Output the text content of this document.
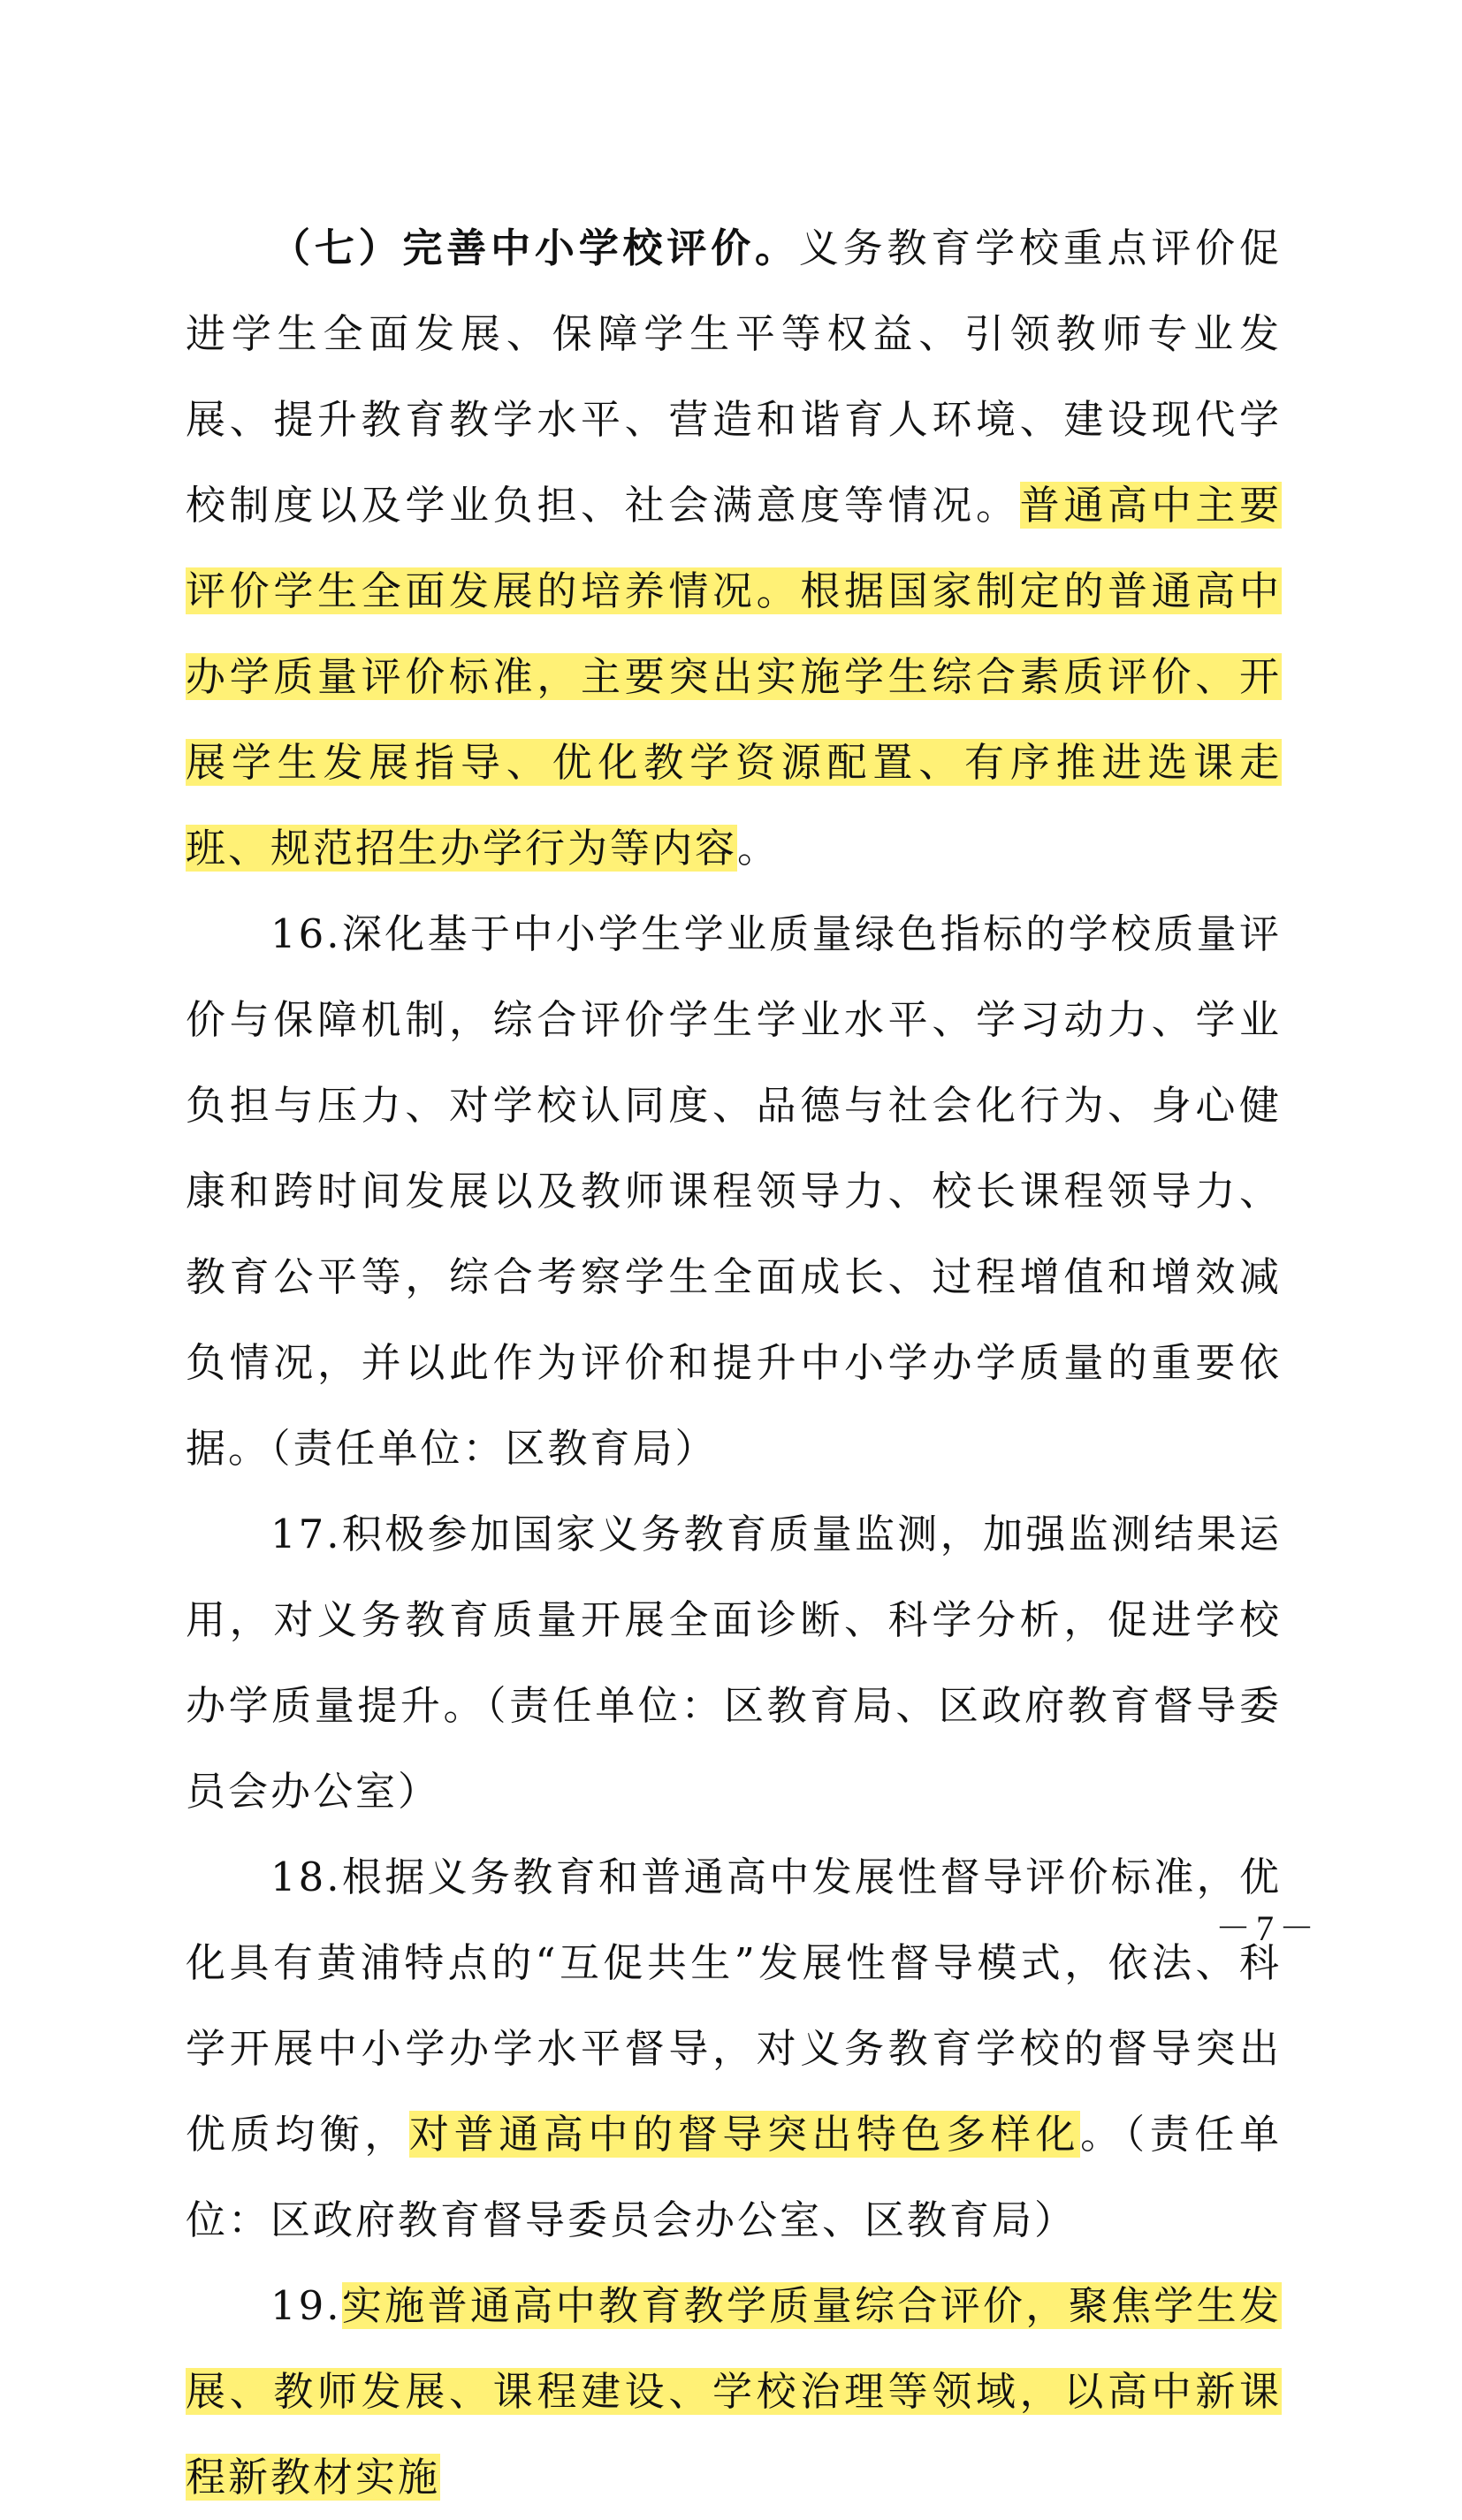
（七）完善中小学校评价。义务教育学校重点评价促进学生全面发展、保障学生平等权益、引领教师专业发展、提升教育教学水平、营造和谐育人环境、建设现代学校制度以及学业负担、社会满意度等情况。普通高中主要评价学生全面发展的培养情况。根据国家制定的普通高中办学质量评价标准，主要突出实施学生综合素质评价、开展学生发展指导、优化教学资源配置、有序推进选课走班、规范招生办学行为等内容。

16.深化基于中小学生学业质量绿色指标的学校质量评价与保障机制，综合评价学生学业水平、学习动力、学业负担与压力、对学校认同度、品德与社会化行为、身心健康和跨时间发展以及教师课程领导力、校长课程领导力、教育公平等，综合考察学生全面成长、过程增值和增效减负情况，并以此作为评价和提升中小学办学质量的重要依据。（责任单位：区教育局）

17.积极参加国家义务教育质量监测，加强监测结果运用，对义务教育质量开展全面诊断、科学分析，促进学校办学质量提升。（责任单位：区教育局、区政府教育督导委员会办公室）

18.根据义务教育和普通高中发展性督导评价标准，优化具有黄浦特点的“互促共生”发展性督导模式，依法、科学开展中小学办学水平督导，对义务教育学校的督导突出优质均衡，对普通高中的督导突出特色多样化。（责任单位：区政府教育督导委员会办公室、区教育局）

19.实施普通高中教育教学质量综合评价，聚焦学生发展、教师发展、课程建设、学校治理等领域，以高中新课程新教材实施

－7－
